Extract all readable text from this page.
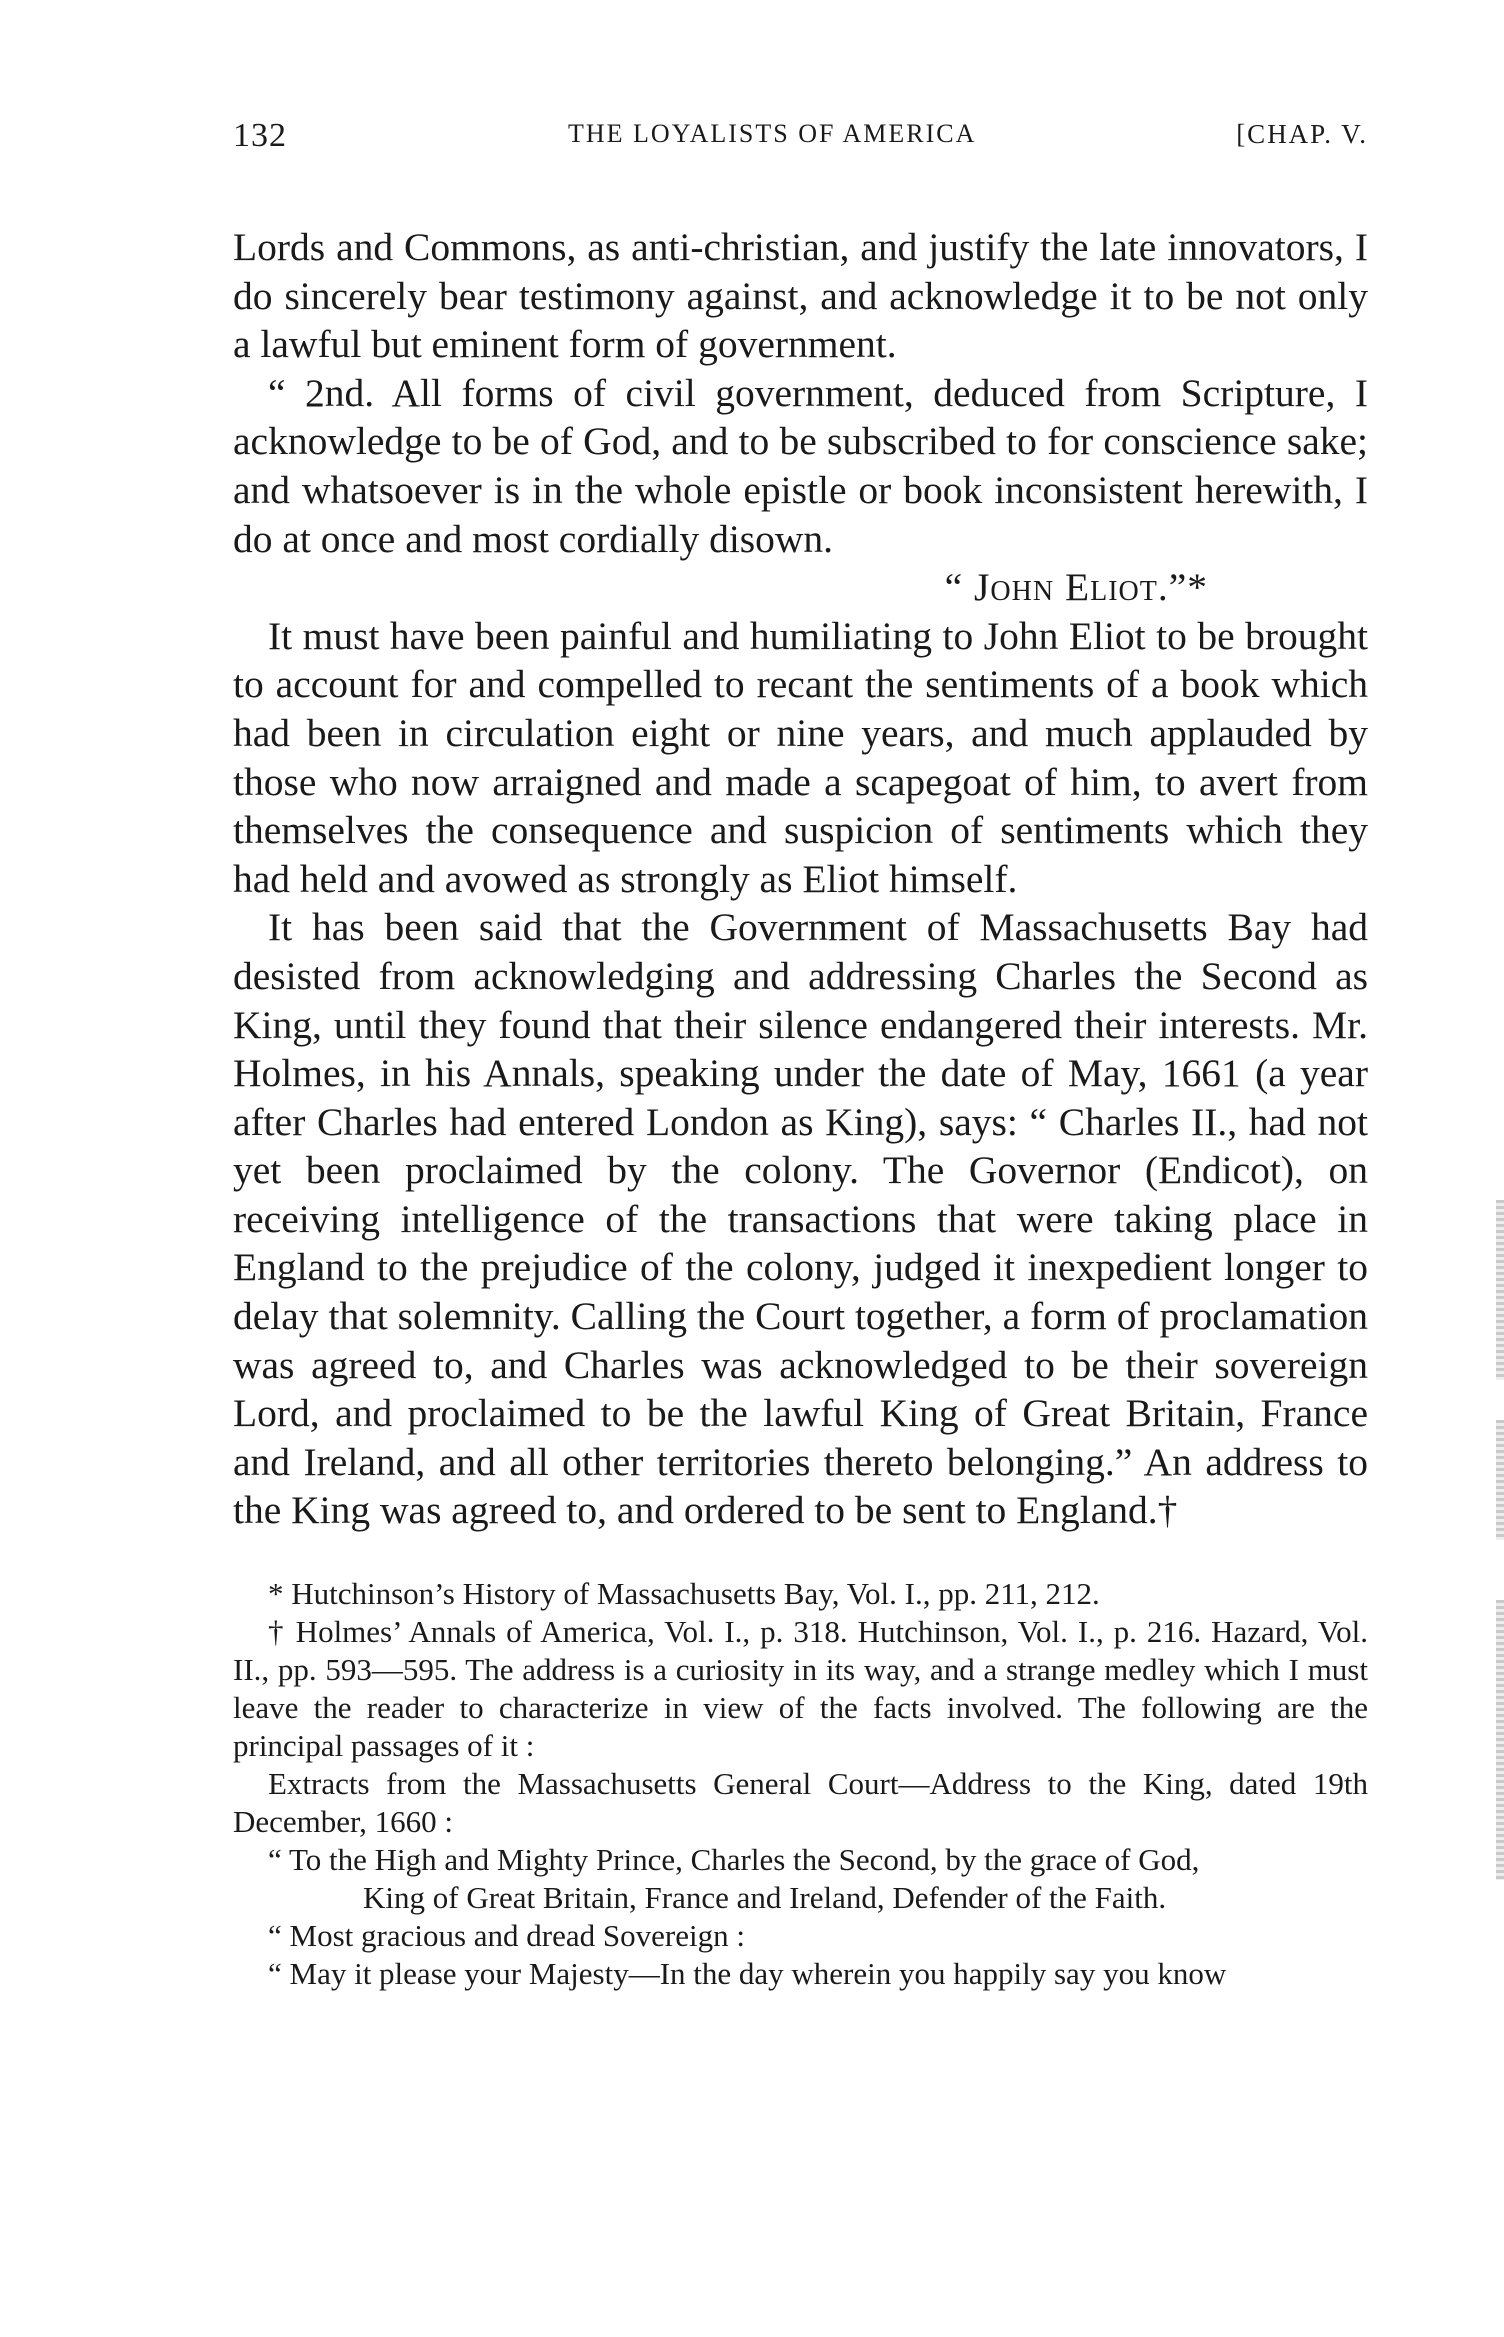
132	THE LOYALISTS OF AMERICA	[CHAP. V.

Lords and Commons, as anti-christian, and justify the late innovators, I do sincerely bear testimony against, and acknowledge it to be not only a lawful but eminent form of government.

“ 2nd. All forms of civil government, deduced from Scripture, I acknowledge to be of God, and to be subscribed to for conscience sake; and whatsoever is in the whole epistle or book inconsistent herewith, I do at once and most cordially disown.

“ John Eliot.”*

It must have been painful and humiliating to John Eliot to be brought to account for and compelled to recant the sentiments of a book which had been in circulation eight or nine years, and much applauded by those who now arraigned and made a scapegoat of him, to avert from themselves the consequence and suspicion of sentiments which they had held and avowed as strongly as Eliot himself.

It has been said that the Government of Massachusetts Bay had desisted from acknowledging and addressing Charles the Second as King, until they found that their silence endangered their interests. Mr. Holmes, in his Annals, speaking under the date of May, 1661 (a year after Charles had entered London as King), says: “ Charles II., had not yet been proclaimed by the colony. The Governor (Endicot), on receiving intelligence of the transactions that were taking place in England to the prejudice of the colony, judged it inexpedient longer to delay that solemnity. Calling the Court together, a form of proclamation was agreed to, and Charles was acknowledged to be their sovereign Lord, and proclaimed to be the lawful King of Great Britain, France and Ireland, and all other territories thereto belonging.” An address to the King was agreed to, and ordered to be sent to England.†

* Hutchinson’s History of Massachusetts Bay, Vol. I., pp. 211, 212.

† Holmes’ Annals of America, Vol. I., p. 318. Hutchinson, Vol. I., p. 216. Hazard, Vol. II., pp. 593—595. The address is a curiosity in its way, and a strange medley which I must leave the reader to characterize in view of the facts involved. The following are the principal passages of it :

Extracts from the Massachusetts General Court—Address to the King, dated 19th December, 1660 :

“ To the High and Mighty Prince, Charles the Second, by the grace of God,

King of Great Britain, France and Ireland, Defender of the Faith.

“ Most gracious and dread Sovereign :

“ May it please your Majesty—In the day wherein you happily say you know
